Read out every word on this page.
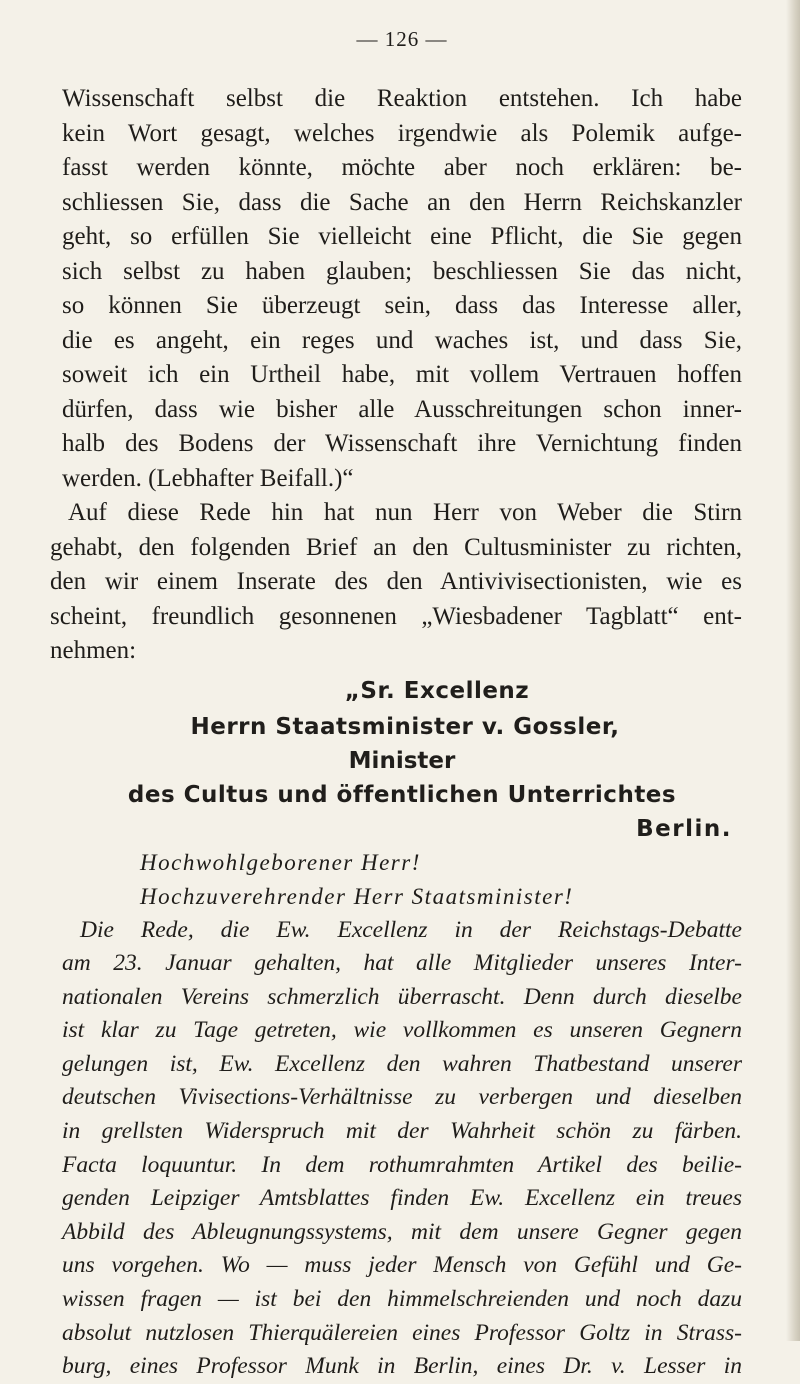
— 126 —
Wissenschaft selbst die Reaktion entstehen. Ich habe
kein Wort gesagt, welches irgendwie als Polemik aufge-
fasst werden könnte, möchte aber noch erklären: be-
schliessen Sie, dass die Sache an den Herrn Reichskanzler
geht, so erfüllen Sie vielleicht eine Pflicht, die Sie gegen
sich selbst zu haben glauben; beschliessen Sie das nicht,
so können Sie überzeugt sein, dass das Interesse aller,
die es angeht, ein reges und waches ist, und dass Sie,
soweit ich ein Urtheil habe, mit vollem Vertrauen hoffen
dürfen, dass wie bisher alle Ausschreitungen schon inner-
halb des Bodens der Wissenschaft ihre Vernichtung finden
werden. (Lebhafter Beifall.)“
Auf diese Rede hin hat nun Herr von Weber die Stirn
gehabt, den folgenden Brief an den Cultusminister zu richten,
den wir einem Inserate des den Antivivisectionisten, wie es
scheint, freundlich gesonnenen „Wiesbadener Tagblatt“ ent-
nehmen:
„Sr. Excellenz
Herrn Staatsminister v. Gossler,
Minister
des Cultus und öffentlichen Unterrichtes
Berlin.
Hochwohlgeborener Herr!
Hochzuverehrender Herr Staatsminister!
Die Rede, die Ew. Excellenz in der Reichstags-Debatte
am 23. Januar gehalten, hat alle Mitglieder unseres Inter-
nationalen Vereins schmerzlich überrascht. Denn durch dieselbe
ist klar zu Tage getreten, wie vollkommen es unseren Gegnern
gelungen ist, Ew. Excellenz den wahren Thatbestand unserer
deutschen Vivisections-Verhältnisse zu verbergen und dieselben
in grellsten Widerspruch mit der Wahrheit schön zu färben.
Facta loquuntur. In dem rothumrahmten Artikel des beilie-
genden Leipziger Amtsblattes finden Ew. Excellenz ein treues
Abbild des Ableugnungssystems, mit dem unsere Gegner gegen
uns vorgehen. Wo — muss jeder Mensch von Gefühl und Ge-
wissen fragen — ist bei den himmelschreienden und noch dazu
absolut nutzlosen Thierquälereien eines Professor Goltz in Strass-
burg, eines Professor Munk in Berlin, eines Dr. v. Lesser in
